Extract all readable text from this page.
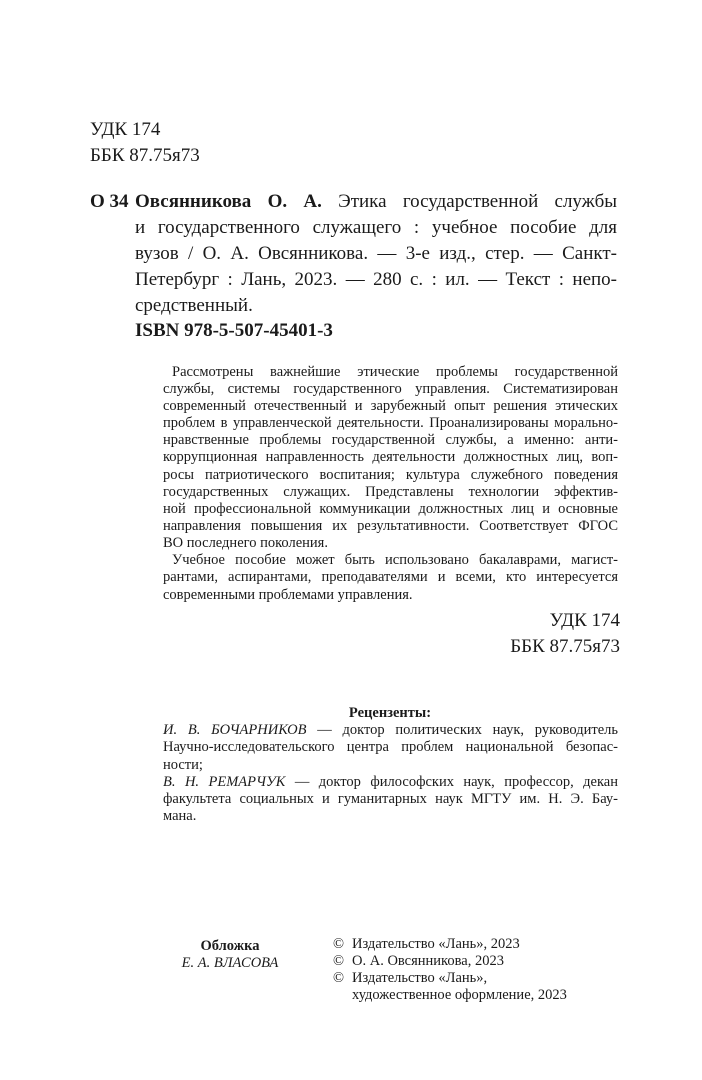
УДК 174
ББК 87.75я73
О 34 Овсянникова О. А. Этика государственной службы
и государственного служащего : учебное пособие для
вузов / О. А. Овсянникова. — 3-е изд., стер. — Санкт-
Петербург : Лань, 2023. — 280 с. : ил. — Текст : непо-
средственный.
ISBN 978-5-507-45401-3
Рассмотрены важнейшие этические проблемы государственной
службы, системы государственного управления. Систематизирован
современный отечественный и зарубежный опыт решения этических
проблем в управленческой деятельности. Проанализированы морально-
нравственные проблемы государственной службы, а именно: анти-
коррупционная направленность деятельности должностных лиц, воп-
росы патриотического воспитания; культура служебного поведения
государственных служащих. Представлены технологии эффектив-
ной профессиональной коммуникации должностных лиц и основные
направления повышения их результативности. Соответствует ФГОС
ВО последнего поколения.
Учебное пособие может быть использовано бакалаврами, магист-
рантами, аспирантами, преподавателями и всеми, кто интересуется
современными проблемами управления.
УДК 174
ББК 87.75я73
Рецензенты:
И. В. БОЧАРНИКОВ — доктор политических наук, руководитель
Научно-исследовательского центра проблем национальной безопас-
ности;
В. Н. РЕМАРЧУК — доктор философских наук, профессор, декан
факультета социальных и гуманитарных наук МГТУ им. Н. Э. Бау-
мана.
Обложка
Е. А. ВЛАСОВА
© Издательство «Лань», 2023
© О. А. Овсянникова, 2023
© Издательство «Лань»,
художественное оформление, 2023
